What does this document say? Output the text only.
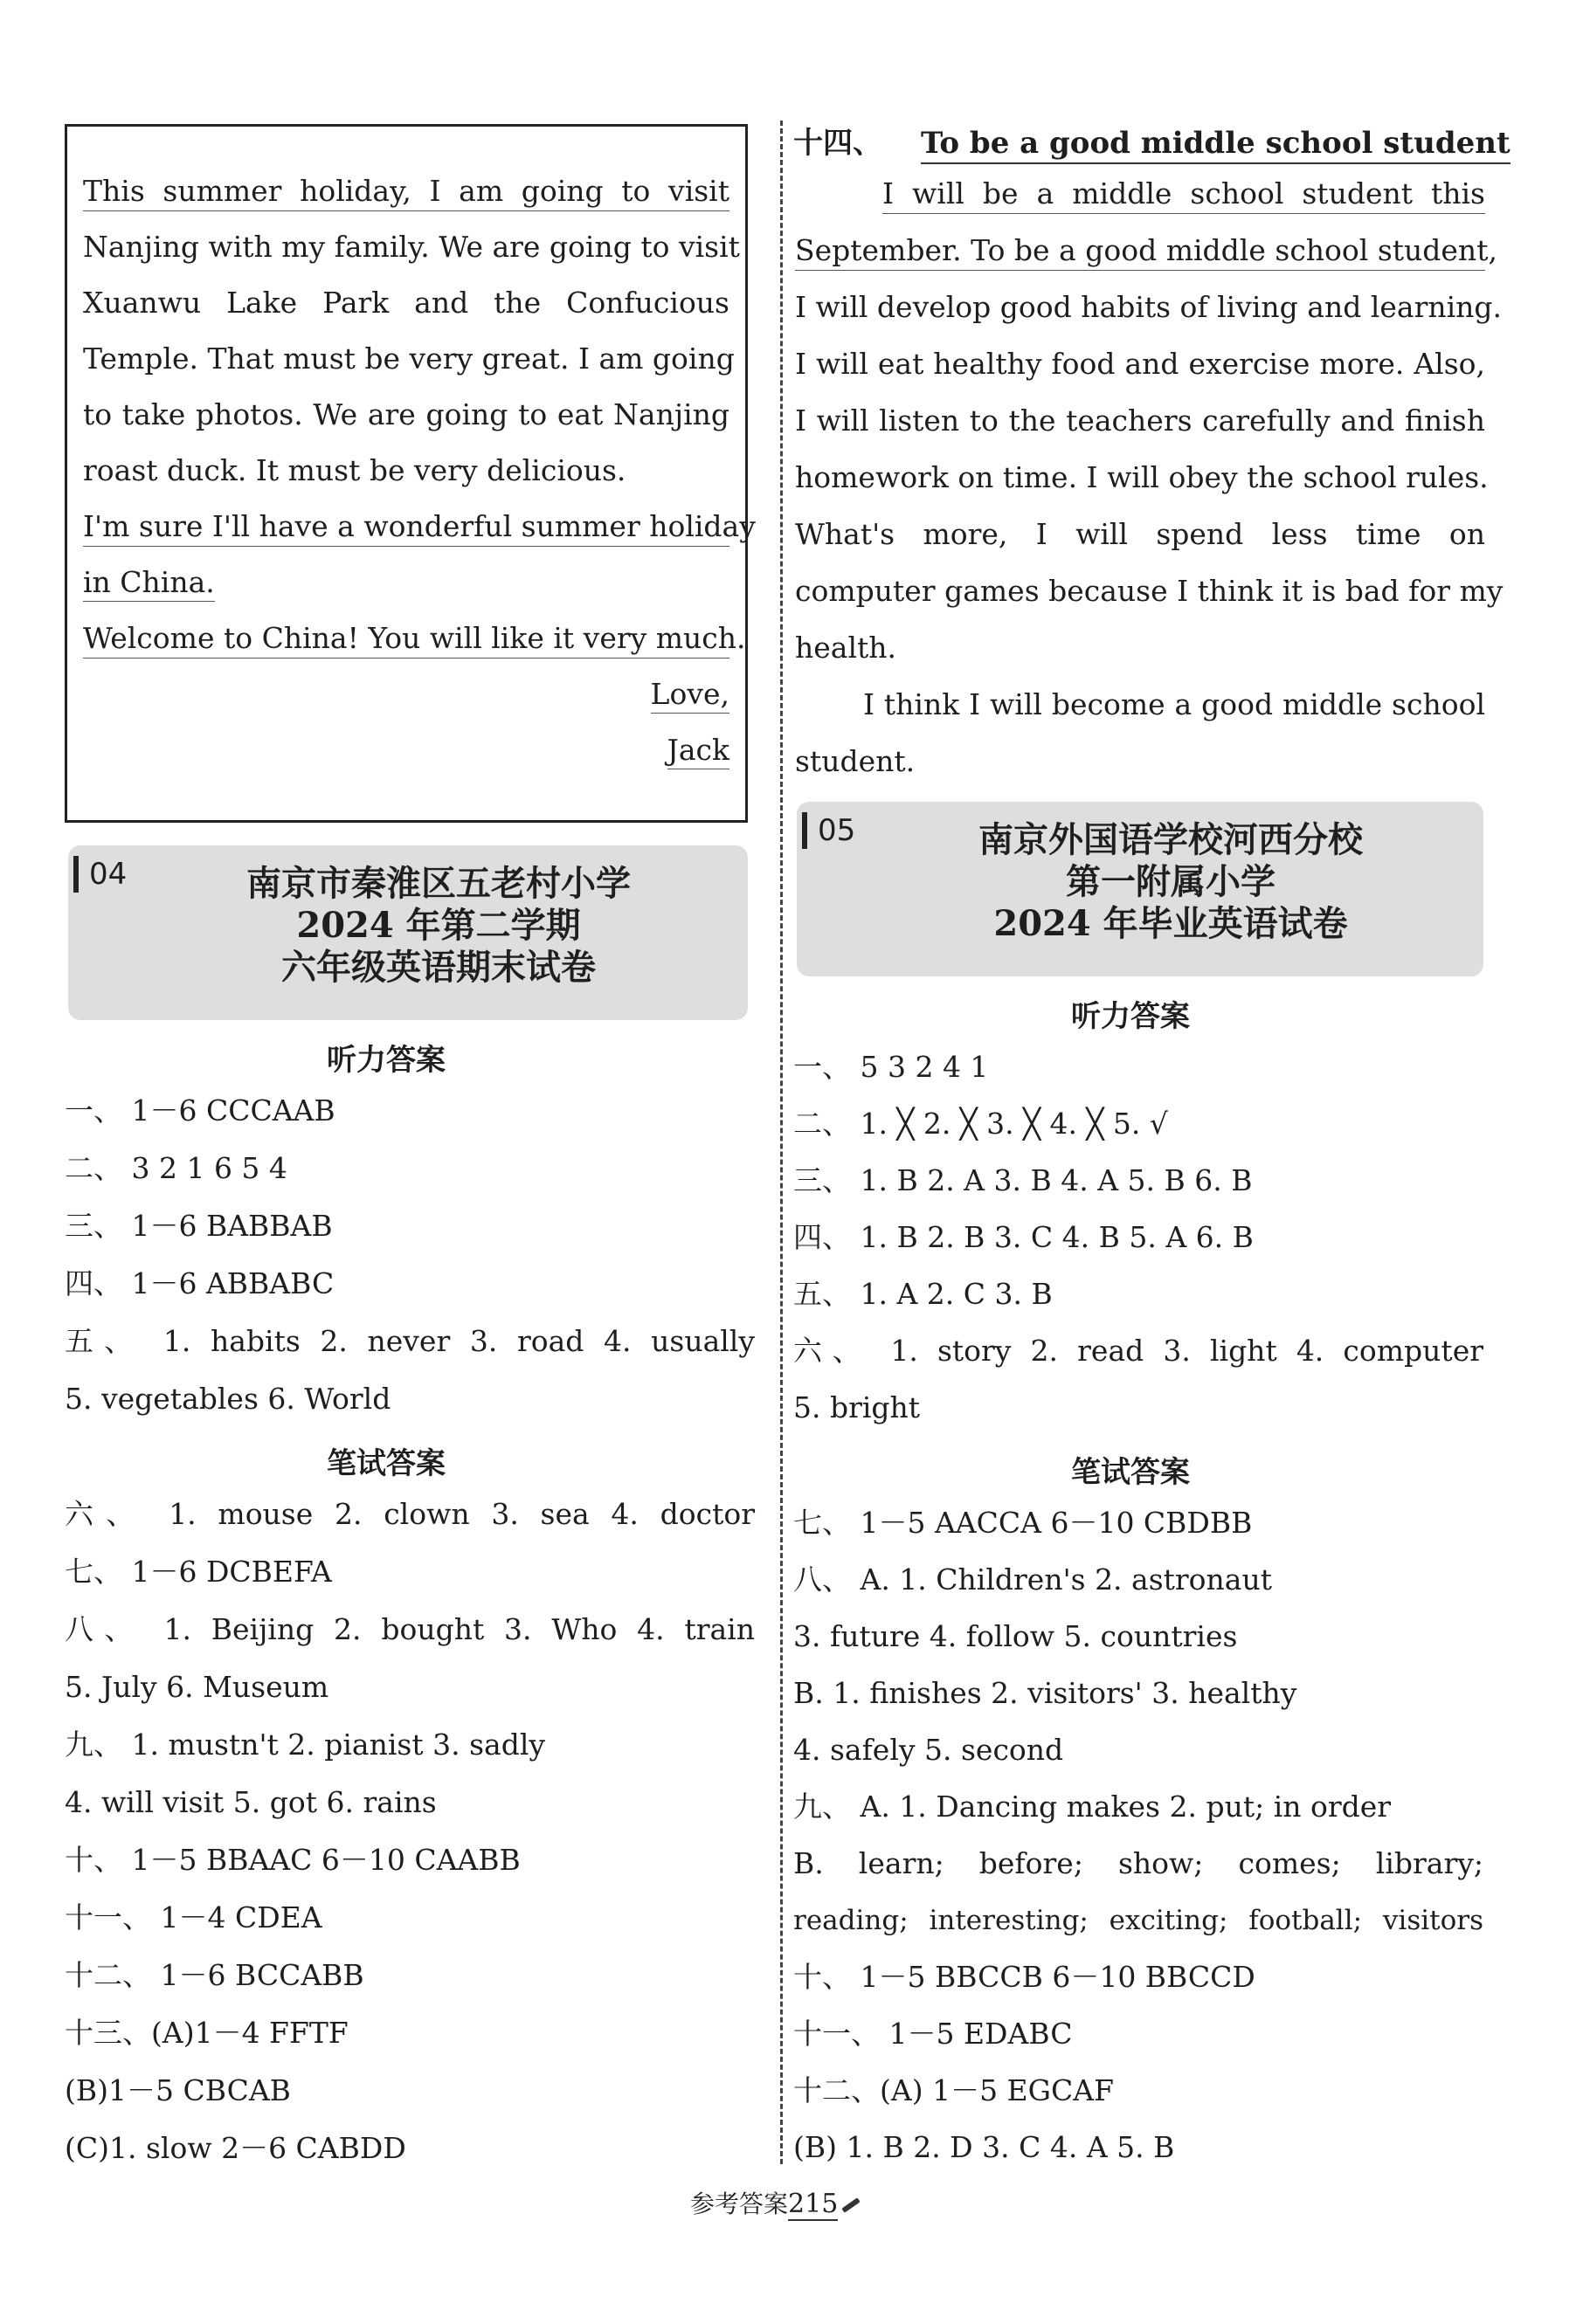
This summer holiday, I am going to visit
Nanjing with my family. We are going to visit
Xuanwu Lake Park and the Confucious
Temple. That must be very great. I am going
to take photos. We are going to eat Nanjing
roast duck. It must be very delicious.
I'm sure I'll have a wonderful summer holiday
in China.
Welcome to China! You will like it very much.
Love,
Jack
04	南京市秦淮区五老村小学
2024 年第二学期
六年级英语期末试卷
听力答案
一、 1－6 CCCAAB
二、 3 2 1 6 5 4
三、 1－6 BABBAB
四、 1－6 ABBABC
五、 1. habits 2. never 3. road 4. usually
5. vegetables 6. World
笔试答案
六、 1. mouse 2. clown 3. sea 4. doctor
七、 1－6 DCBEFA
八、 1. Beijing 2. bought 3. Who 4. train
5. July 6. Museum
九、 1. mustn't 2. pianist 3. sadly
4. will visit 5. got 6. rains
十、 1－5 BBAAC 6－10 CAABB
十一、 1－4 CDEA
十二、 1－6 BCCABB
十三、(A)1－4 FFTF
(B)1－5 CBCAB
(C)1. slow 2－6 CABDD
十四、 To be a good middle school student
I will be a middle school student this
September. To be a good middle school student,
I will develop good habits of living and learning.
I will eat healthy food and exercise more. Also,
I will listen to the teachers carefully and finish
homework on time. I will obey the school rules.
What's more, I will spend less time on
computer games because I think it is bad for my
health.
I think I will become a good middle school
student.
05	南京外国语学校河西分校
第一附属小学
2024 年毕业英语试卷
听力答案
一、 5 3 2 4 1
二、 1. ╳ 2. ╳ 3. ╳ 4. ╳ 5. √
三、 1. B 2. A 3. B 4. A 5. B 6. B
四、 1. B 2. B 3. C 4. B 5. A 6. B
五、 1. A 2. C 3. B
六、 1. story 2. read 3. light 4. computer
5. bright
笔试答案
七、 1－5 AACCA 6－10 CBDBB
八、 A. 1. Children's 2. astronaut
3. future 4. follow 5. countries
B. 1. finishes 2. visitors' 3. healthy
4. safely 5. second
九、 A. 1. Dancing makes 2. put; in order
B. learn; before; show; comes; library;
reading; interesting; exciting; football; visitors
十、 1－5 BBCCB 6－10 BBCCD
十一、 1－5 EDABC
十二、(A) 1－5 EGCAF
(B) 1. B 2. D 3. C 4. A 5. B
参考答案215
